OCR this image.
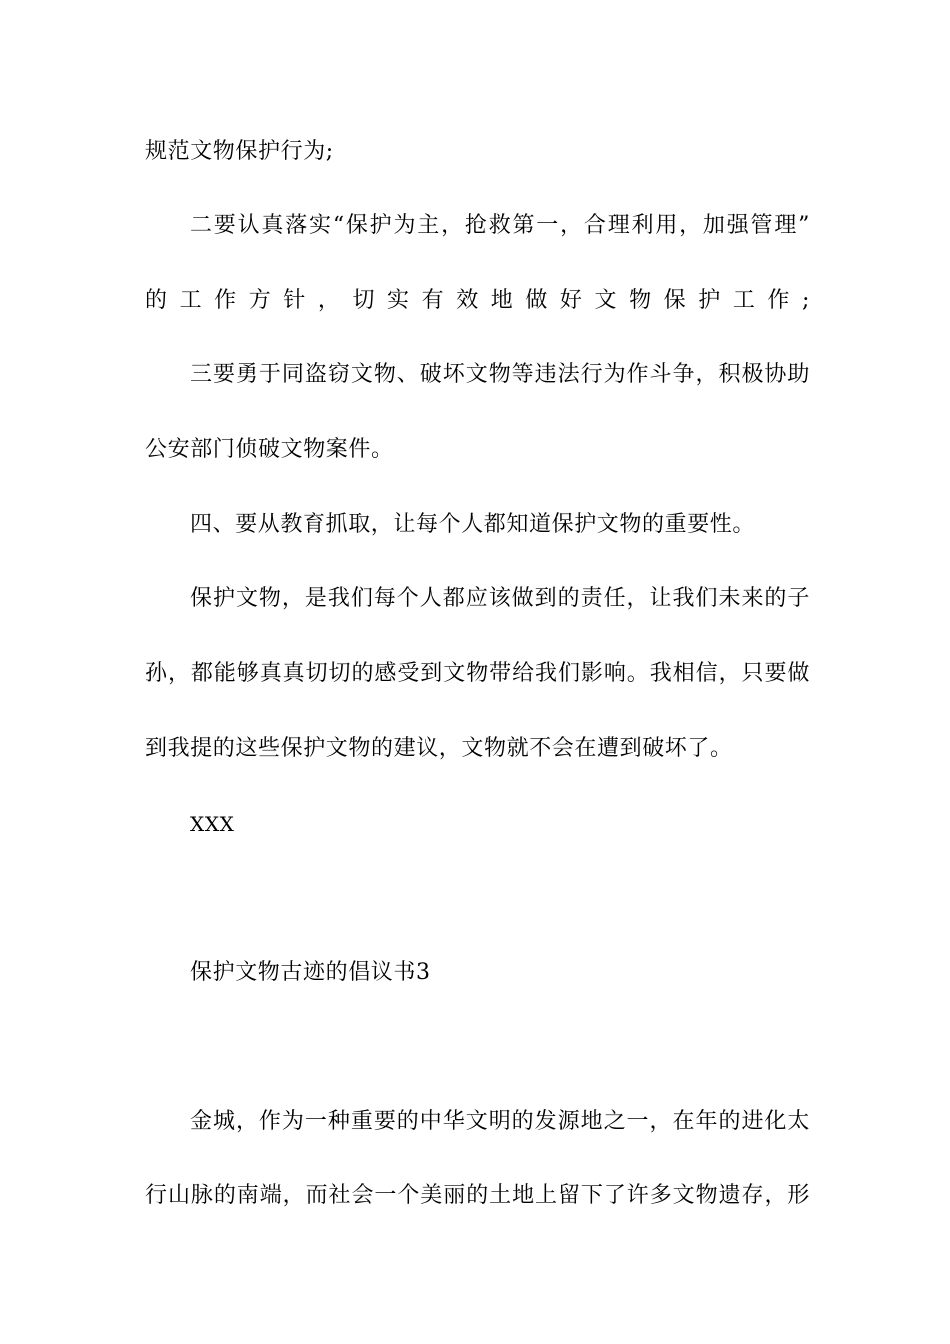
规范文物保护行为;
二要认真落实“保护为主，抢救第一，合理利用，加强管理”
的工作方针，切实有效地做好文物保护工作;
三要勇于同盗窃文物、破坏文物等违法行为作斗争，积极协助
公安部门侦破文物案件。
四、要从教育抓取，让每个人都知道保护文物的重要性。
保护文物，是我们每个人都应该做到的责任，让我们未来的子
孙，都能够真真切切的感受到文物带给我们影响。我相信，只要做
到我提的这些保护文物的建议，文物就不会在遭到破坏了。
XXX
保护文物古迹的倡议书3
金城，作为一种重要的中华文明的发源地之一，在年的进化太
行山脉的南端，而社会一个美丽的土地上留下了许多文物遗存，形
